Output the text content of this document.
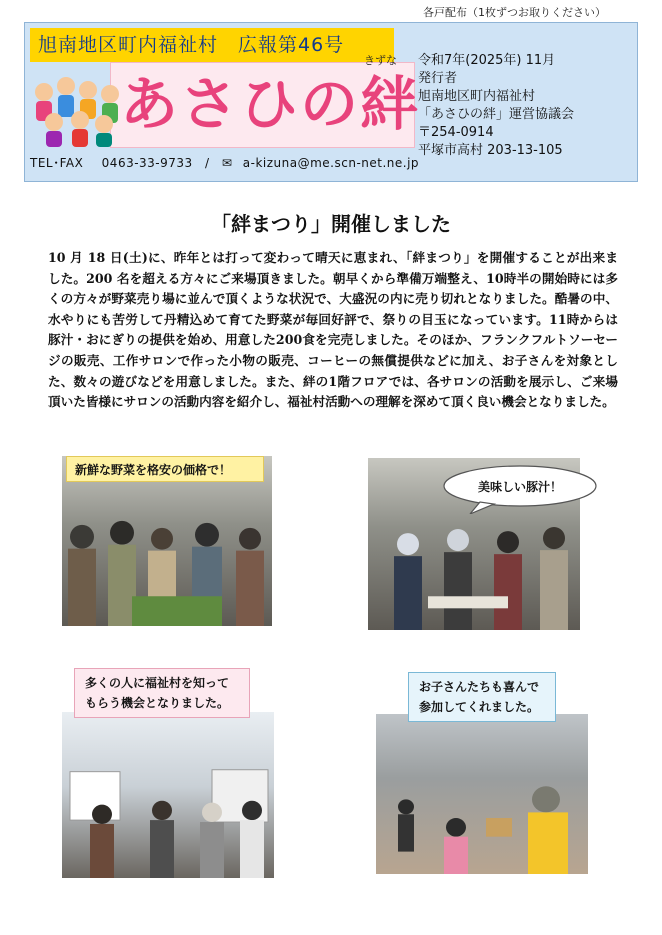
各戸配布（1枚ずつお取りください）
旭南地区町内福祉村　広報第46号
きずな
あさひの絆
TEL･FAX 0463-33-9733 / ✉ a-kizuna@me.scn-net.ne.jp
令和7年(2025年) 11月
発行者
旭南地区町内福祉村
「あさひの絆」運営協議会
〒254-0914
平塚市高村 203-13-105
「絆まつり」開催しました
10 月 18 日(土)に、昨年とは打って変わって晴天に恵まれ、「絆まつり」を開催することが出来ました。200 名を超える方々にご来場頂きました。朝早くから準備万端整え、10時半の開始時には多くの方々が野菜売り場に並んで頂くような状況で、大盛況の内に売り切れとなりました。酷暑の中、水やりにも苦労して丹精込めて育てた野菜が毎回好評で、祭りの目玉になっています。11時からは豚汁・おにぎりの提供を始め、用意した200食を完売しました。そのほか、フランクフルトソーセージの販売、工作サロンで作った小物の販売、コーヒーの無償提供などに加え、お子さんを対象とした、数々の遊びなどを用意しました。また、絆の1階フロアでは、各サロンの活動を展示し、ご来場頂いた皆様にサロンの活動内容を紹介し、福祉村活動への理解を深めて頂く良い機会となりました。
新鮮な野菜を格安の価格で！
美味しい豚汁！
多くの人に福祉村を知ってもらう機会となりました。
お子さんたちも喜んで参加してくれました。
